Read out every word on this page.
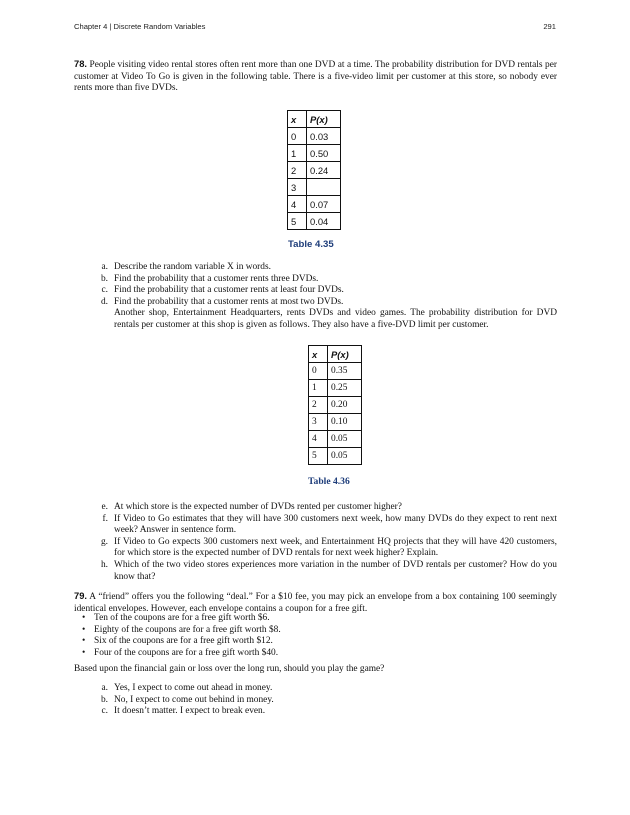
Chapter 4 | Discrete Random Variables	291

78. People visiting video rental stores often rent more than one DVD at a time. The probability distribution for DVD rentals per customer at Video To Go is given in the following table. There is a five-video limit per customer at this store, so nobody ever rents more than five DVDs.

x	P(x)
0	0.03
1	0.50
2	0.24
3	
4	0.07
5	0.04
Table 4.35
a. Describe the random variable X in words.
b. Find the probability that a customer rents three DVDs.
c. Find the probability that a customer rents at least four DVDs.
d. Find the probability that a customer rents at most two DVDs.
Another shop, Entertainment Headquarters, rents DVDs and video games. The probability distribution for DVD rentals per customer at this shop is given as follows. They also have a five-DVD limit per customer.
x	P(x)
0	0.35
1	0.25
2	0.20
3	0.10
4	0.05
5	0.05
Table 4.36
e. At which store is the expected number of DVDs rented per customer higher?
f. If Video to Go estimates that they will have 300 customers next week, how many DVDs do they expect to rent next week? Answer in sentence form.
g. If Video to Go expects 300 customers next week, and Entertainment HQ projects that they will have 420 customers, for which store is the expected number of DVD rentals for next week higher? Explain.
h. Which of the two video stores experiences more variation in the number of DVD rentals per customer? How do you know that?

79. A “friend” offers you the following “deal.” For a $10 fee, you may pick an envelope from a box containing 100 seemingly identical envelopes. However, each envelope contains a coupon for a free gift.

• Ten of the coupons are for a free gift worth $6.
• Eighty of the coupons are for a free gift worth $8.
• Six of the coupons are for a free gift worth $12.
• Four of the coupons are for a free gift worth $40.
Based upon the financial gain or loss over the long run, should you play the game?
a. Yes, I expect to come out ahead in money.
b. No, I expect to come out behind in money.
c. It doesn’t matter. I expect to break even.
